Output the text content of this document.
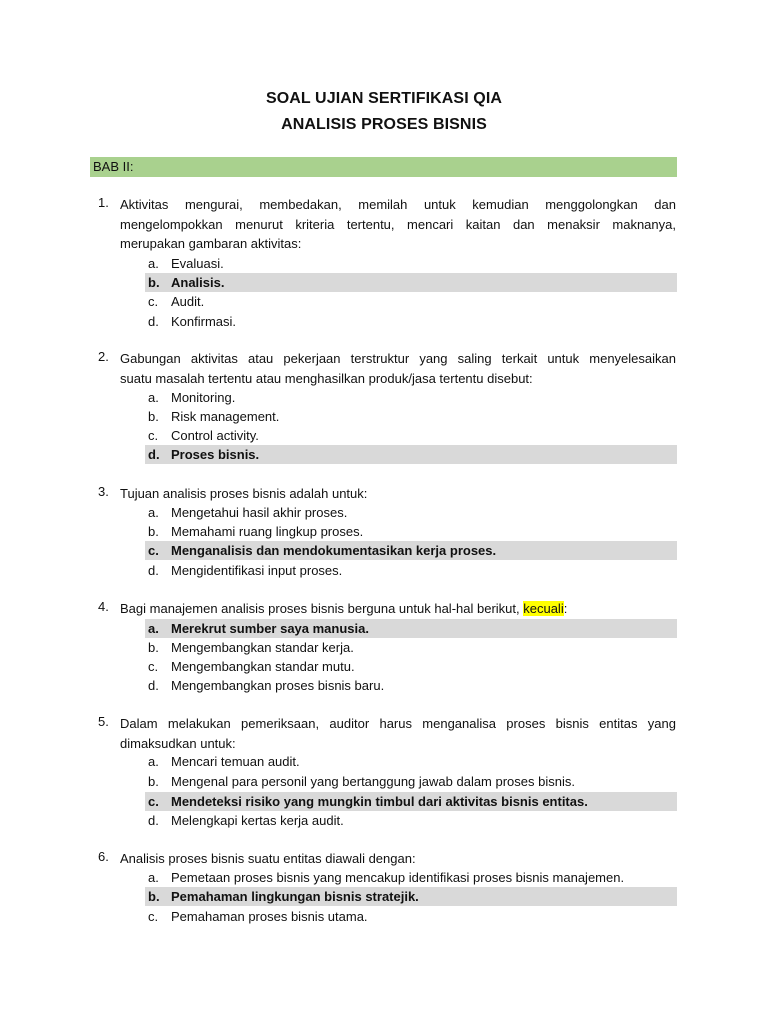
SOAL UJIAN SERTIFIKASI QIA
ANALISIS PROSES BISNIS
BAB II:
1. Aktivitas mengurai, membedakan, memilah untuk kemudian menggolongkan dan
mengelompokkan menurut kriteria tertentu, mencari kaitan dan menaksir maknanya,
merupakan gambaran aktivitas:
a. Evaluasi.
b. Analisis.
c. Audit.
d. Konfirmasi.
2. Gabungan aktivitas atau pekerjaan terstruktur yang saling terkait untuk menyelesaikan
suatu masalah tertentu atau menghasilkan produk/jasa tertentu disebut:
a. Monitoring.
b. Risk management.
c. Control activity.
d. Proses bisnis.
3. Tujuan analisis proses bisnis adalah untuk:
a. Mengetahui hasil akhir proses.
b. Memahami ruang lingkup proses.
c. Menganalisis dan mendokumentasikan kerja proses.
d. Mengidentifikasi input proses.
4. Bagi manajemen analisis proses bisnis berguna untuk hal-hal berikut, kecuali:
a. Merekrut sumber saya manusia.
b. Mengembangkan standar kerja.
c. Mengembangkan standar mutu.
d. Mengembangkan proses bisnis baru.
5. Dalam melakukan pemeriksaan, auditor harus menganalisa proses bisnis entitas yang
dimaksudkan untuk:
a. Mencari temuan audit.
b. Mengenal para personil yang bertanggung jawab dalam proses bisnis.
c. Mendeteksi risiko yang mungkin timbul dari aktivitas bisnis entitas.
d. Melengkapi kertas kerja audit.
6. Analisis proses bisnis suatu entitas diawali dengan:
a. Pemetaan proses bisnis yang mencakup identifikasi proses bisnis manajemen.
b. Pemahaman lingkungan bisnis stratejik.
c. Pemahaman proses bisnis utama.
